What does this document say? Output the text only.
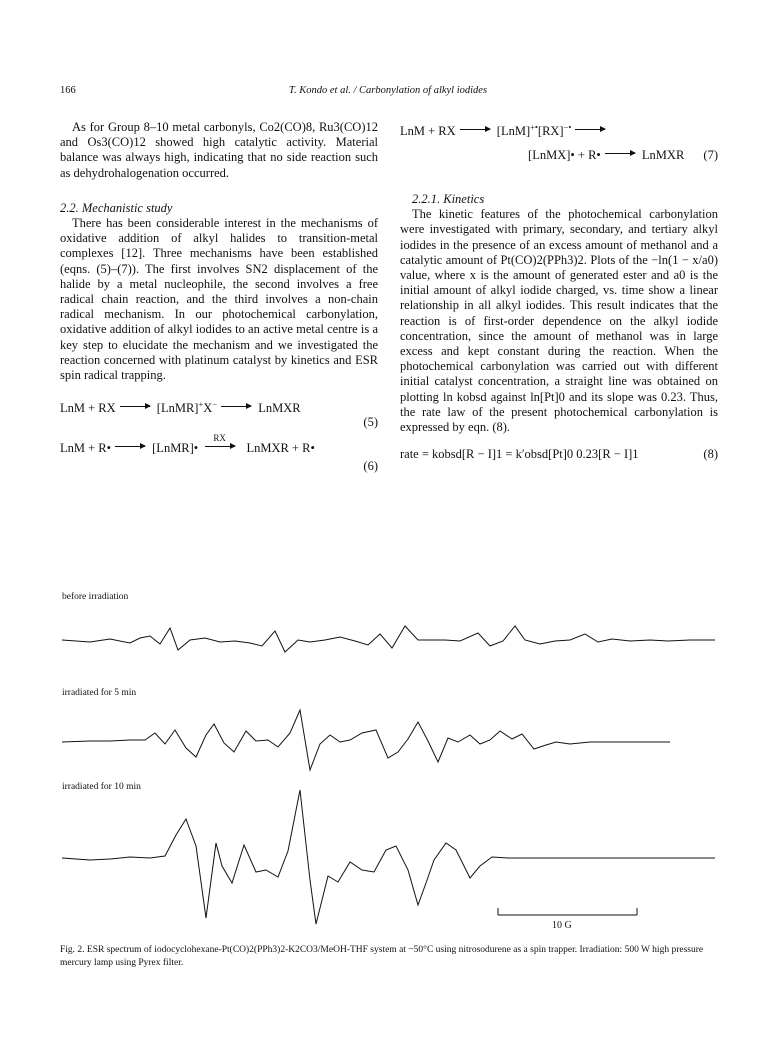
166	T. Kondo et al. / Carbonylation of alkyl iodides

As for Group 8–10 metal carbonyls, Co2(CO)8, Ru3(CO)12 and Os3(CO)12 showed high catalytic activity. Material balance was always high, indicating that no side reaction such as dehydrohalogenation occurred.

2.2. Mechanistic study

There has been considerable interest in the mechanisms of oxidative addition of alkyl halides to transition-metal complexes [12]. Three mechanisms have been established (eqns. (5)–(7)). The first involves SN2 displacement of the halide by a metal nucleophile, the second involves a free radical chain reaction, and the third involves a non-chain radical mechanism. In our photochemical carbonylation, oxidative addition of alkyl iodides to an active metal centre is a key step to elucidate the mechanism and we investigated the reaction concerned with platinum catalyst by kinetics and ESR spin radical trapping.

LnM + RX	[LnMR]+X−	LnMXR
(5)
LnM + R•	[LnMR]•
RX
LnMXR + R•
(6)
LnM + RX	[LnM]+•[RX]−•
[LnMX]• + R•	LnMXR (7)

2.2.1. Kinetics

The kinetic features of the photochemical carbonylation were investigated with primary, secondary, and tertiary alkyl iodides in the presence of an excess amount of methanol and a catalytic amount of Pt(CO)2(PPh3)2. Plots of the −ln(1 − x/a0) value, where x is the amount of generated ester and a0 is the initial amount of alkyl iodide charged, vs. time show a linear relationship in all alkyl iodides. This result indicates that the reaction is of first-order dependence on the alkyl iodide concentration, since the amount of methanol was in large excess and kept constant during the reaction. When the photochemical carbonylation was carried out with different initial catalyst concentration, a straight line was obtained on plotting ln kobsd against ln[Pt]0 and its slope was 0.23. Thus, the rate law of the present photochemical carbonylation is expressed by eqn. (8).

rate = kobsd[R − I]1 = k′obsd[Pt]0 0.23[R − I]1	(8)
before irradiation
irradiated for 5 min
irradiated for 10 min
10 G
Fig. 2. ESR spectrum of iodocyclohexane-Pt(CO)2(PPh3)2-K2CO3/MeOH-THF system at −50°C using nitrosodurene as a spin trapper. Irradiation: 500 W high pressure mercury lamp using Pyrex filter.
